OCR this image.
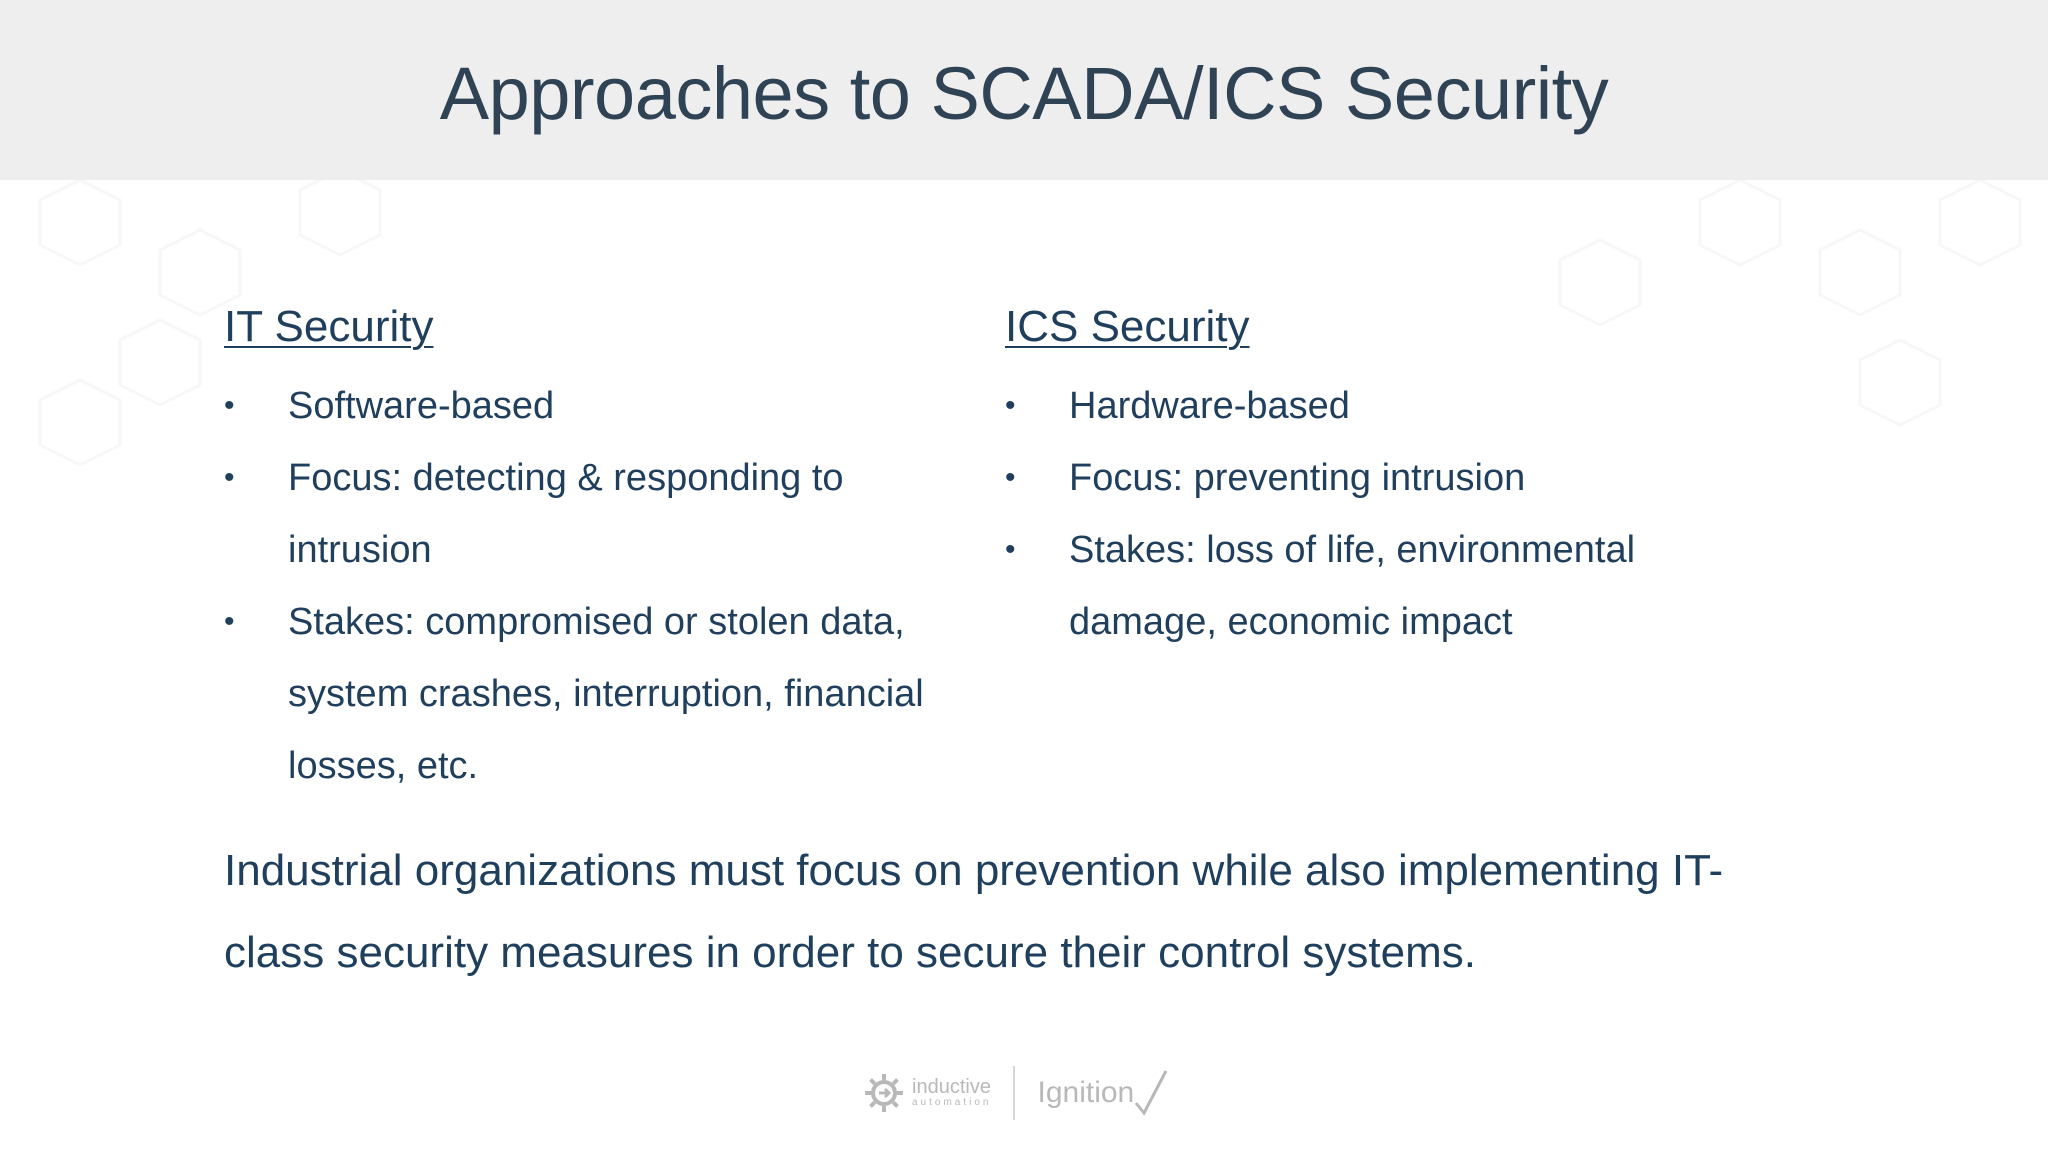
Approaches to SCADA/ICS Security
IT Security
• Software-based
• Focus: detecting & responding to intrusion
• Stakes: compromised or stolen data, system crashes, interruption, financial losses, etc.
ICS Security
• Hardware-based
• Focus: preventing intrusion
• Stakes: loss of life, environmental damage, economic impact

Industrial organizations must focus on prevention while also implementing IT-class security measures in order to secure their control systems.

inductive
automation Ignition
